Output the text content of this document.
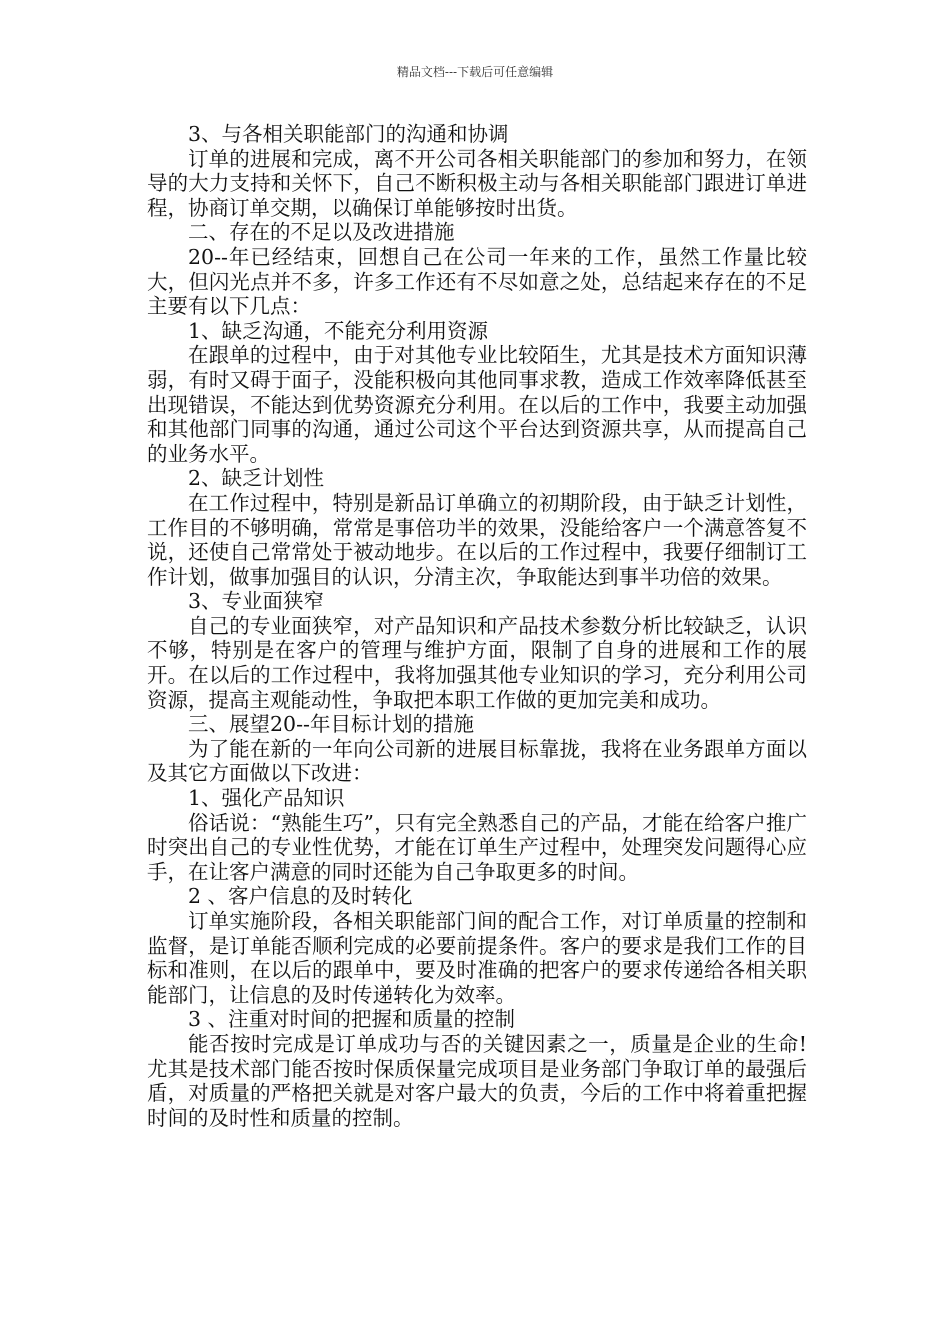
精品文档---下载后可任意编辑

3、与各相关职能部门的沟通和协调

订单的进展和完成，离不开公司各相关职能部门的参加和努力，在领导的大力支持和关怀下，自己不断积极主动与各相关职能部门跟进订单进程，协商订单交期，以确保订单能够按时出货。

二、存在的不足以及改进措施

20--年已经结束，回想自己在公司一年来的工作，虽然工作量比较大，但闪光点并不多，许多工作还有不尽如意之处，总结起来存在的不足主要有以下几点：

1、缺乏沟通，不能充分利用资源

在跟单的过程中，由于对其他专业比较陌生，尤其是技术方面知识薄弱，有时又碍于面子，没能积极向其他同事求教，造成工作效率降低甚至出现错误，不能达到优势资源充分利用。在以后的工作中，我要主动加强和其他部门同事的沟通，通过公司这个平台达到资源共享，从而提高自己的业务水平。

2、缺乏计划性

在工作过程中，特别是新品订单确立的初期阶段，由于缺乏计划性，工作目的不够明确，常常是事倍功半的效果，没能给客户一个满意答复不说，还使自己常常处于被动地步。在以后的工作过程中，我要仔细制订工作计划，做事加强目的认识，分清主次，争取能达到事半功倍的效果。

3、专业面狭窄

自己的专业面狭窄，对产品知识和产品技术参数分析比较缺乏，认识不够，特别是在客户的管理与维护方面，限制了自身的进展和工作的展开。在以后的工作过程中，我将加强其他专业知识的学习，充分利用公司资源，提高主观能动性，争取把本职工作做的更加完美和成功。

三、展望20--年目标计划的措施

为了能在新的一年向公司新的进展目标靠拢，我将在业务跟单方面以及其它方面做以下改进：

1、强化产品知识

俗话说：“熟能生巧”，只有完全熟悉自己的产品，才能在给客户推广时突出自己的专业性优势，才能在订单生产过程中，处理突发问题得心应手，在让客户满意的同时还能为自己争取更多的时间。

2 、客户信息的及时转化

订单实施阶段，各相关职能部门间的配合工作，对订单质量的控制和监督，是订单能否顺利完成的必要前提条件。客户的要求是我们工作的目标和准则，在以后的跟单中，要及时准确的把客户的要求传递给各相关职能部门，让信息的及时传递转化为效率。

3 、注重对时间的把握和质量的控制

能否按时完成是订单成功与否的关键因素之一，质量是企业的生命!尤其是技术部门能否按时保质保量完成项目是业务部门争取订单的最强后盾，对质量的严格把关就是对客户最大的负责，今后的工作中将着重把握时间的及时性和质量的控制。
